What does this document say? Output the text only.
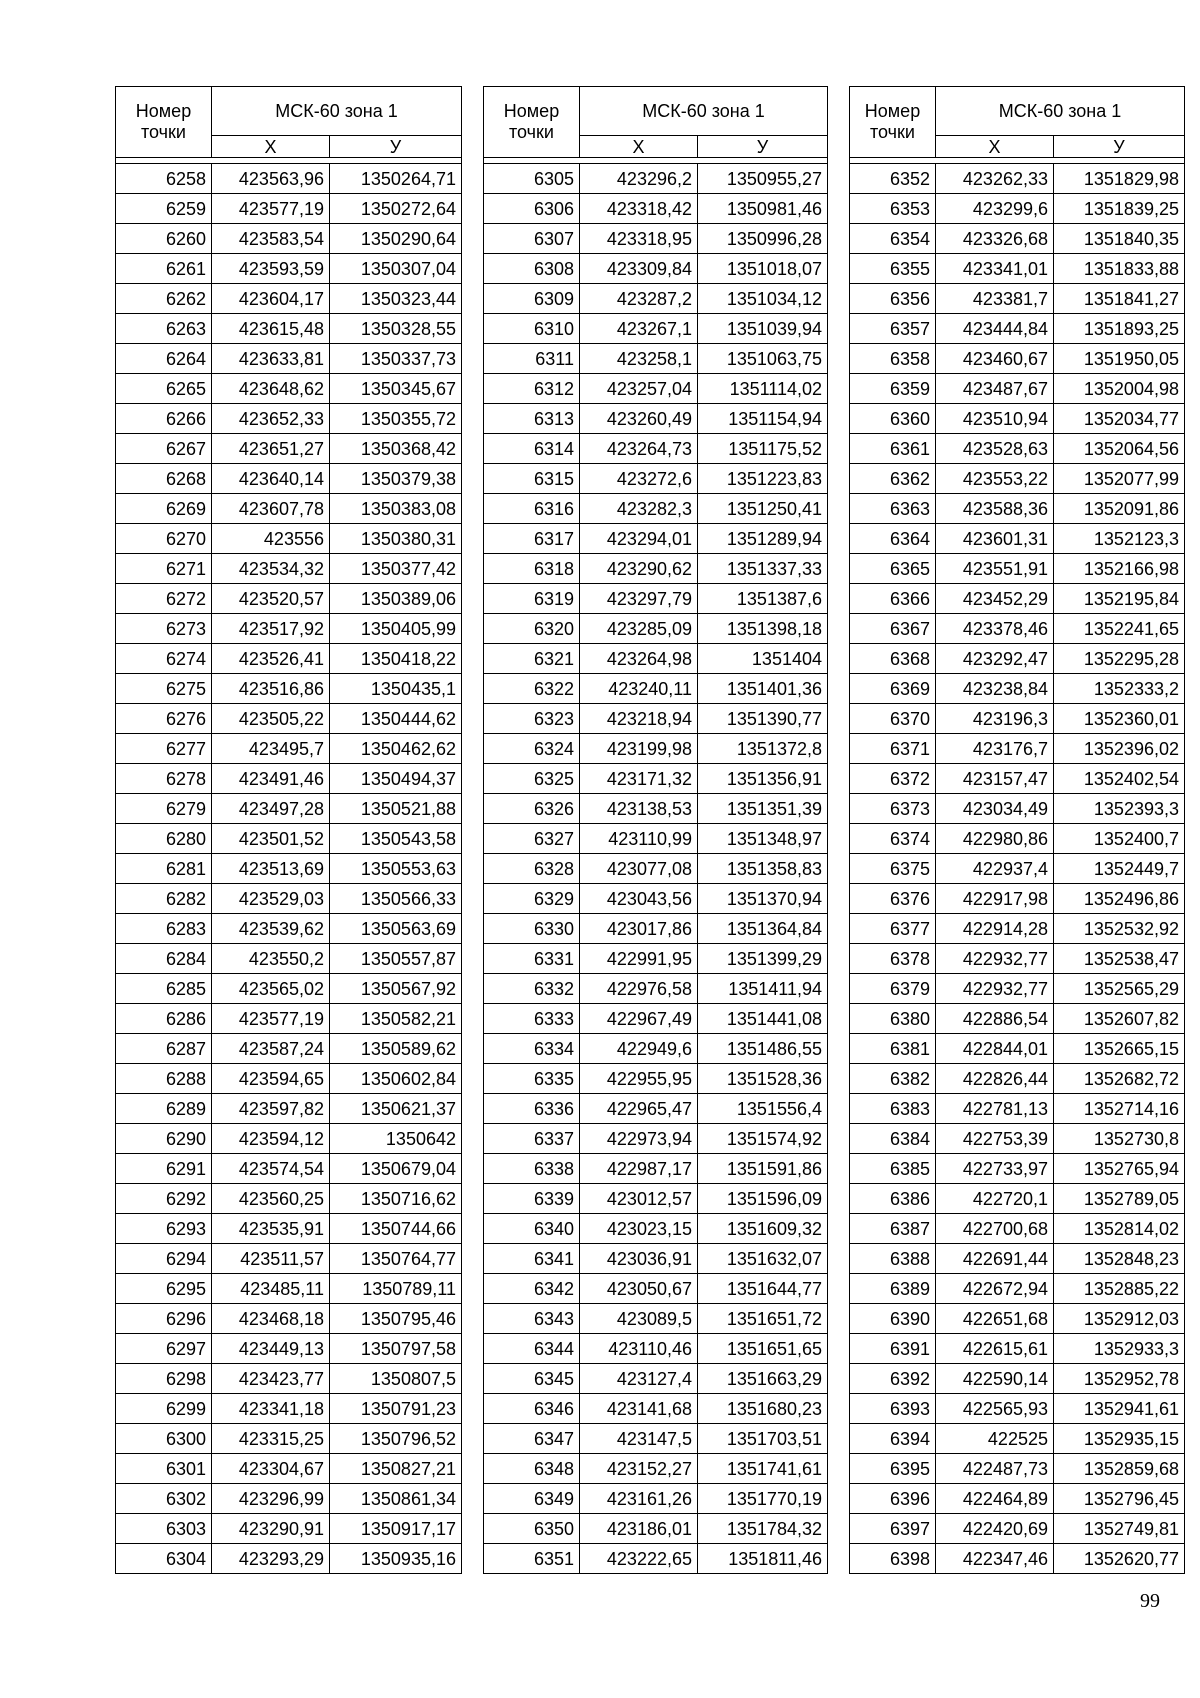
Номер точки	МСК-60 зона 1	
	Х	У

6258	423563,96	1350264,71
6259	423577,19	1350272,64
6260	423583,54	1350290,64
6261	423593,59	1350307,04
6262	423604,17	1350323,44
6263	423615,48	1350328,55
6264	423633,81	1350337,73
6265	423648,62	1350345,67
6266	423652,33	1350355,72
6267	423651,27	1350368,42
6268	423640,14	1350379,38
6269	423607,78	1350383,08
6270	423556	1350380,31
6271	423534,32	1350377,42
6272	423520,57	1350389,06
6273	423517,92	1350405,99
6274	423526,41	1350418,22
6275	423516,86	1350435,1
6276	423505,22	1350444,62
6277	423495,7	1350462,62
6278	423491,46	1350494,37
6279	423497,28	1350521,88
6280	423501,52	1350543,58
6281	423513,69	1350553,63
6282	423529,03	1350566,33
6283	423539,62	1350563,69
6284	423550,2	1350557,87
6285	423565,02	1350567,92
6286	423577,19	1350582,21
6287	423587,24	1350589,62
6288	423594,65	1350602,84
6289	423597,82	1350621,37
6290	423594,12	1350642
6291	423574,54	1350679,04
6292	423560,25	1350716,62
6293	423535,91	1350744,66
6294	423511,57	1350764,77
6295	423485,11	1350789,11
6296	423468,18	1350795,46
6297	423449,13	1350797,58
6298	423423,77	1350807,5
6299	423341,18	1350791,23
6300	423315,25	1350796,52
6301	423304,67	1350827,21
6302	423296,99	1350861,34
6303	423290,91	1350917,17
6304	423293,29	1350935,16
Номер точки	МСК-60 зона 1	
	Х	У

6305	423296,2	1350955,27
6306	423318,42	1350981,46
6307	423318,95	1350996,28
6308	423309,84	1351018,07
6309	423287,2	1351034,12
6310	423267,1	1351039,94
6311	423258,1	1351063,75
6312	423257,04	1351114,02
6313	423260,49	1351154,94
6314	423264,73	1351175,52
6315	423272,6	1351223,83
6316	423282,3	1351250,41
6317	423294,01	1351289,94
6318	423290,62	1351337,33
6319	423297,79	1351387,6
6320	423285,09	1351398,18
6321	423264,98	1351404
6322	423240,11	1351401,36
6323	423218,94	1351390,77
6324	423199,98	1351372,8
6325	423171,32	1351356,91
6326	423138,53	1351351,39
6327	423110,99	1351348,97
6328	423077,08	1351358,83
6329	423043,56	1351370,94
6330	423017,86	1351364,84
6331	422991,95	1351399,29
6332	422976,58	1351411,94
6333	422967,49	1351441,08
6334	422949,6	1351486,55
6335	422955,95	1351528,36
6336	422965,47	1351556,4
6337	422973,94	1351574,92
6338	422987,17	1351591,86
6339	423012,57	1351596,09
6340	423023,15	1351609,32
6341	423036,91	1351632,07
6342	423050,67	1351644,77
6343	423089,5	1351651,72
6344	423110,46	1351651,65
6345	423127,4	1351663,29
6346	423141,68	1351680,23
6347	423147,5	1351703,51
6348	423152,27	1351741,61
6349	423161,26	1351770,19
6350	423186,01	1351784,32
6351	423222,65	1351811,46
Номер точки	МСК-60 зона 1	
	Х	У

6352	423262,33	1351829,98
6353	423299,6	1351839,25
6354	423326,68	1351840,35
6355	423341,01	1351833,88
6356	423381,7	1351841,27
6357	423444,84	1351893,25
6358	423460,67	1351950,05
6359	423487,67	1352004,98
6360	423510,94	1352034,77
6361	423528,63	1352064,56
6362	423553,22	1352077,99
6363	423588,36	1352091,86
6364	423601,31	1352123,3
6365	423551,91	1352166,98
6366	423452,29	1352195,84
6367	423378,46	1352241,65
6368	423292,47	1352295,28
6369	423238,84	1352333,2
6370	423196,3	1352360,01
6371	423176,7	1352396,02
6372	423157,47	1352402,54
6373	423034,49	1352393,3
6374	422980,86	1352400,7
6375	422937,4	1352449,7
6376	422917,98	1352496,86
6377	422914,28	1352532,92
6378	422932,77	1352538,47
6379	422932,77	1352565,29
6380	422886,54	1352607,82
6381	422844,01	1352665,15
6382	422826,44	1352682,72
6383	422781,13	1352714,16
6384	422753,39	1352730,8
6385	422733,97	1352765,94
6386	422720,1	1352789,05
6387	422700,68	1352814,02
6388	422691,44	1352848,23
6389	422672,94	1352885,22
6390	422651,68	1352912,03
6391	422615,61	1352933,3
6392	422590,14	1352952,78
6393	422565,93	1352941,61
6394	422525	1352935,15
6395	422487,73	1352859,68
6396	422464,89	1352796,45
6397	422420,69	1352749,81
6398	422347,46	1352620,77
99
